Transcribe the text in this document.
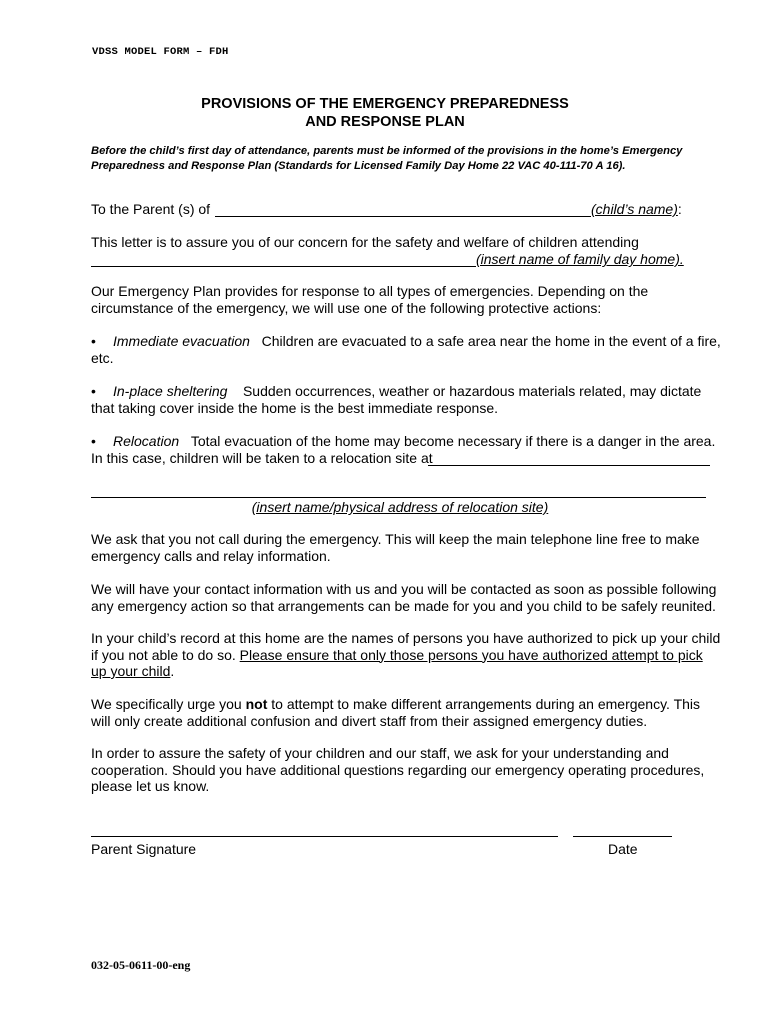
VDSS MODEL FORM – FDH
PROVISIONS OF THE EMERGENCY PREPAREDNESS
AND RESPONSE PLAN
Before the child’s first day of attendance, parents must be informed of the provisions in the home’s Emergency Preparedness and Response Plan (Standards for Licensed Family Day Home 22 VAC 40-111-70 A 16).
To the Parent (s) of	(child’s name):
This letter is to assure you of our concern for the safety and welfare of children attending
(insert name of family day home).
Our Emergency Plan provides for response to all types of emergencies. Depending on the circumstance of the emergency, we will use one of the following protective actions:
• Immediate evacuation Children are evacuated to a safe area near the home in the event of a fire, etc.
• In-place sheltering Sudden occurrences, weather or hazardous materials related, may dictate that taking cover inside the home is the best immediate response.
• Relocation Total evacuation of the home may become necessary if there is a danger in the area. In this case, children will be taken to a relocation site at
(insert name/physical address of relocation site)
We ask that you not call during the emergency. This will keep the main telephone line free to make emergency calls and relay information.
We will have your contact information with us and you will be contacted as soon as possible following any emergency action so that arrangements can be made for you and you child to be safely reunited.
In your child’s record at this home are the names of persons you have authorized to pick up your child if you not able to do so. Please ensure that only those persons you have authorized attempt to pick up your child.
We specifically urge you not to attempt to make different arrangements during an emergency. This will only create additional confusion and divert staff from their assigned emergency duties.
In order to assure the safety of your children and our staff, we ask for your understanding and cooperation. Should you have additional questions regarding our emergency operating procedures, please let us know.
Parent Signature	Date
032-05-0611-00-eng
